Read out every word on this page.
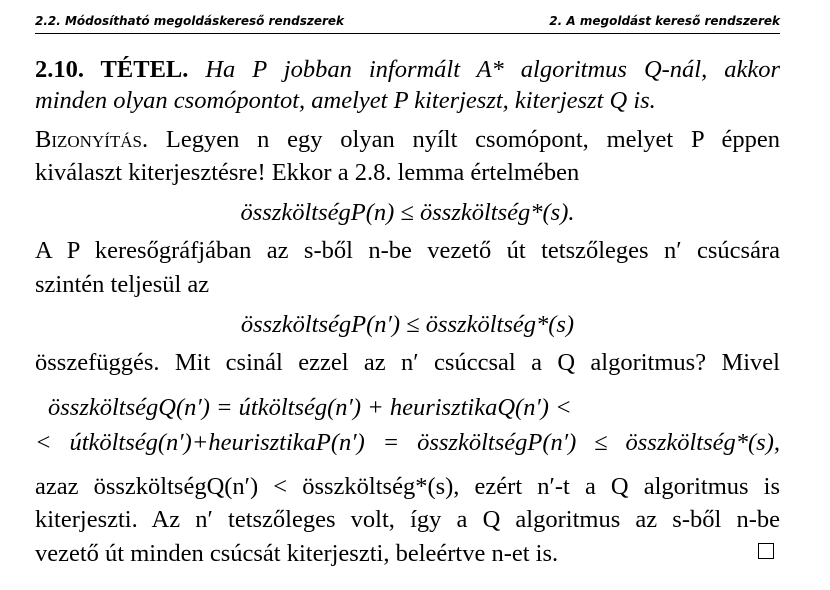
2.2. Módosítható megoldáskereső rendszerek	2. A megoldást kereső rendszerek
2.10. TÉTEL. Ha P jobban informált A* algoritmus Q-nál, akkor
minden olyan csomópontot, amelyet P kiterjeszt, kiterjeszt Q is.
Bizonyítás. Legyen n egy olyan nyílt csomópont, melyet P éppen
kiválaszt kiterjesztésre! Ekkor a 2.8. lemma értelmében
összköltségP(n) ≤ összköltség*(s).
A P keresőgráfjában az s-ből n-be vezető út tetszőleges n′ csúcsára
szintén teljesül az
összköltségP(n′) ≤ összköltség*(s)
összefüggés. Mit csinál ezzel az n′ csúccsal a Q algoritmus? Mivel
összköltségQ(n′) = útköltség(n′) + heurisztikaQ(n′) <
< útköltség(n′)+heurisztikaP(n′) = összköltségP(n′) ≤ összköltség*(s),
azaz összköltségQ(n′) < összköltség*(s), ezért n′-t a Q algoritmus is
kiterjeszti. Az n′ tetszőleges volt, így a Q algoritmus az s-ből n-be
vezető út minden csúcsát kiterjeszti, beleértve n-et is.
